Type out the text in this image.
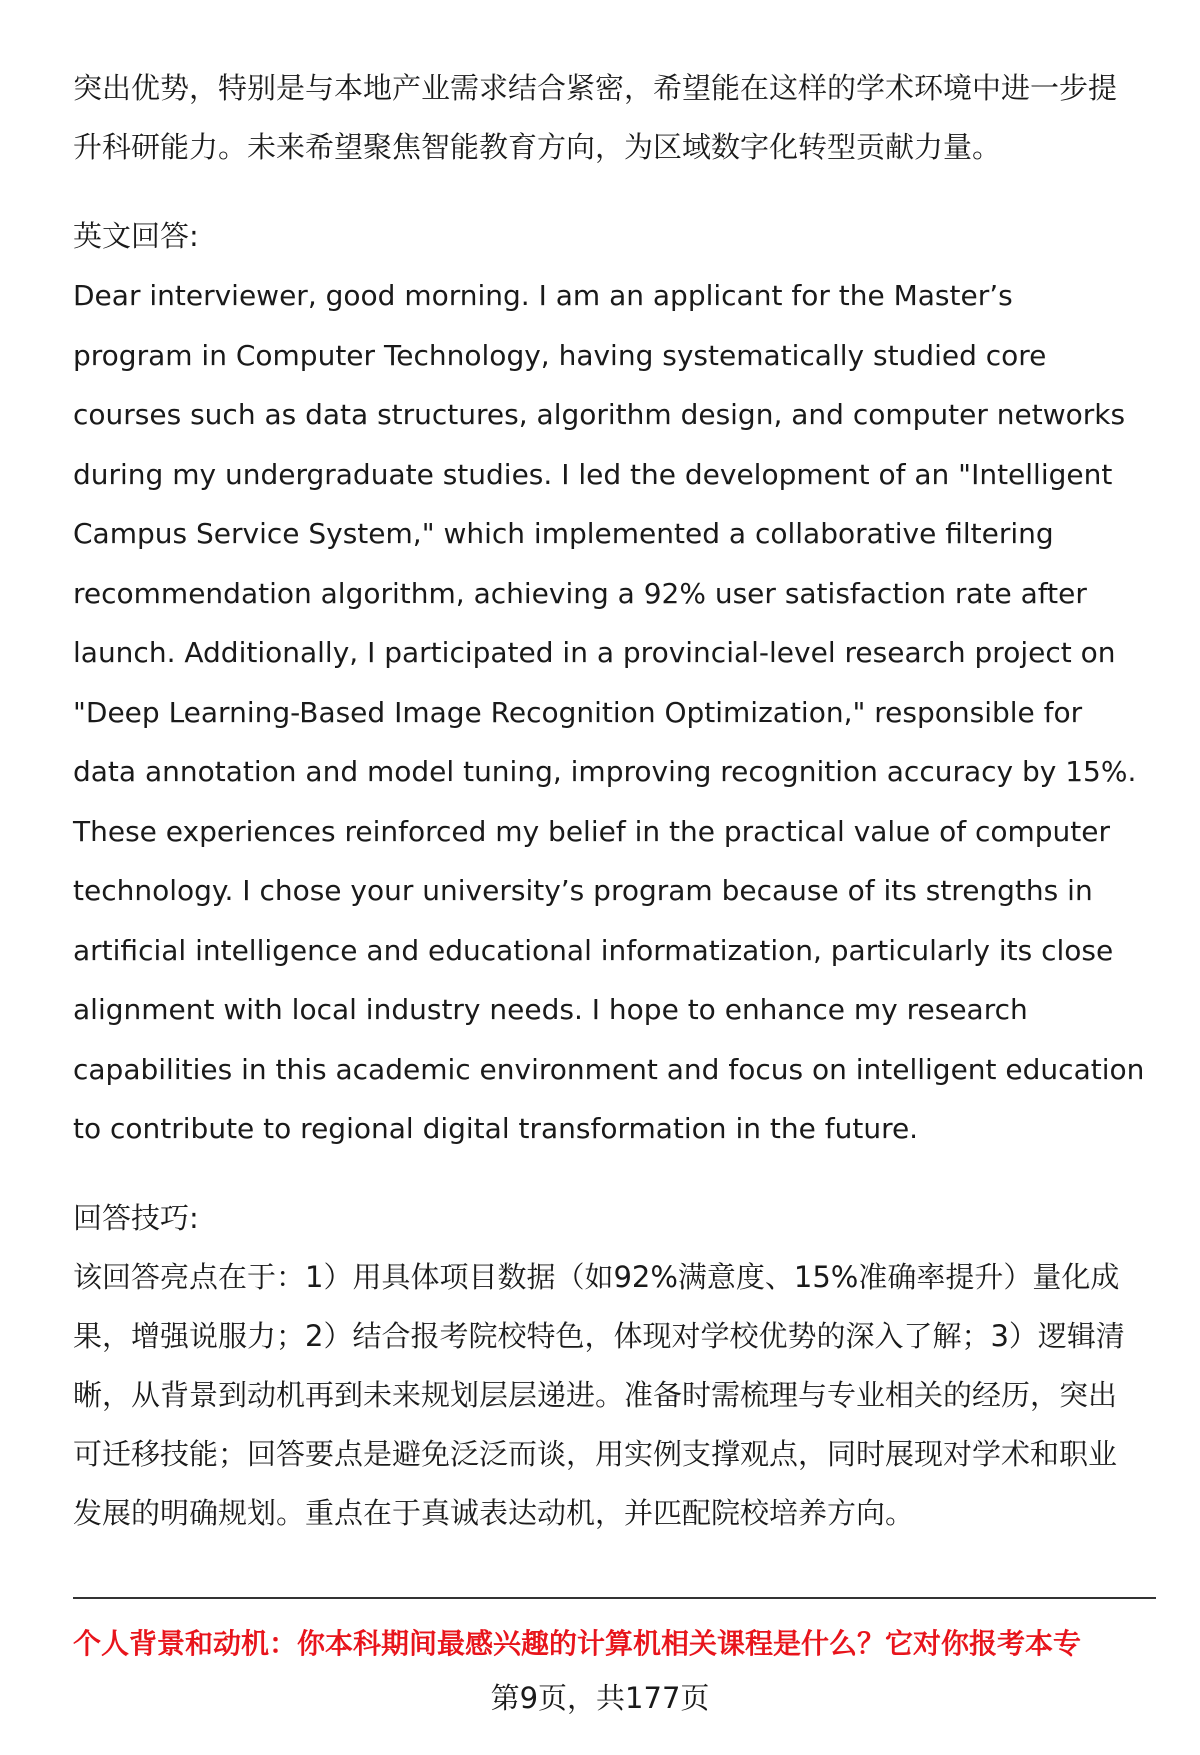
突出优势，特别是与本地产业需求结合紧密，希望能在这样的学术环境中进一步提

升科研能力。未来希望聚焦智能教育方向，为区域数字化转型贡献力量。

英文回答:

Dear interviewer, good morning. I am an applicant for the Master’s

program in Computer Technology, having systematically studied core

courses such as data structures, algorithm design, and computer networks

during my undergraduate studies. I led the development of an "Intelligent

Campus Service System," which implemented a collaborative filtering

recommendation algorithm, achieving a 92% user satisfaction rate after

launch. Additionally, I participated in a provincial-level research project on

"Deep Learning-Based Image Recognition Optimization," responsible for

data annotation and model tuning, improving recognition accuracy by 15%.

These experiences reinforced my belief in the practical value of computer

technology. I chose your university’s program because of its strengths in

artificial intelligence and educational informatization, particularly its close

alignment with local industry needs. I hope to enhance my research

capabilities in this academic environment and focus on intelligent education

to contribute to regional digital transformation in the future.

回答技巧:

该回答亮点在于：1）用具体项目数据（如92%满意度、15%准确率提升）量化成

果，增强说服力；2）结合报考院校特色，体现对学校优势的深入了解；3）逻辑清

晰，从背景到动机再到未来规划层层递进。准备时需梳理与专业相关的经历，突出

可迁移技能；回答要点是避免泛泛而谈，用实例支撑观点，同时展现对学术和职业

发展的明确规划。重点在于真诚表达动机，并匹配院校培养方向。

个人背景和动机：你本科期间最感兴趣的计算机相关课程是什么？它对你报考本专
第9页，共177页
